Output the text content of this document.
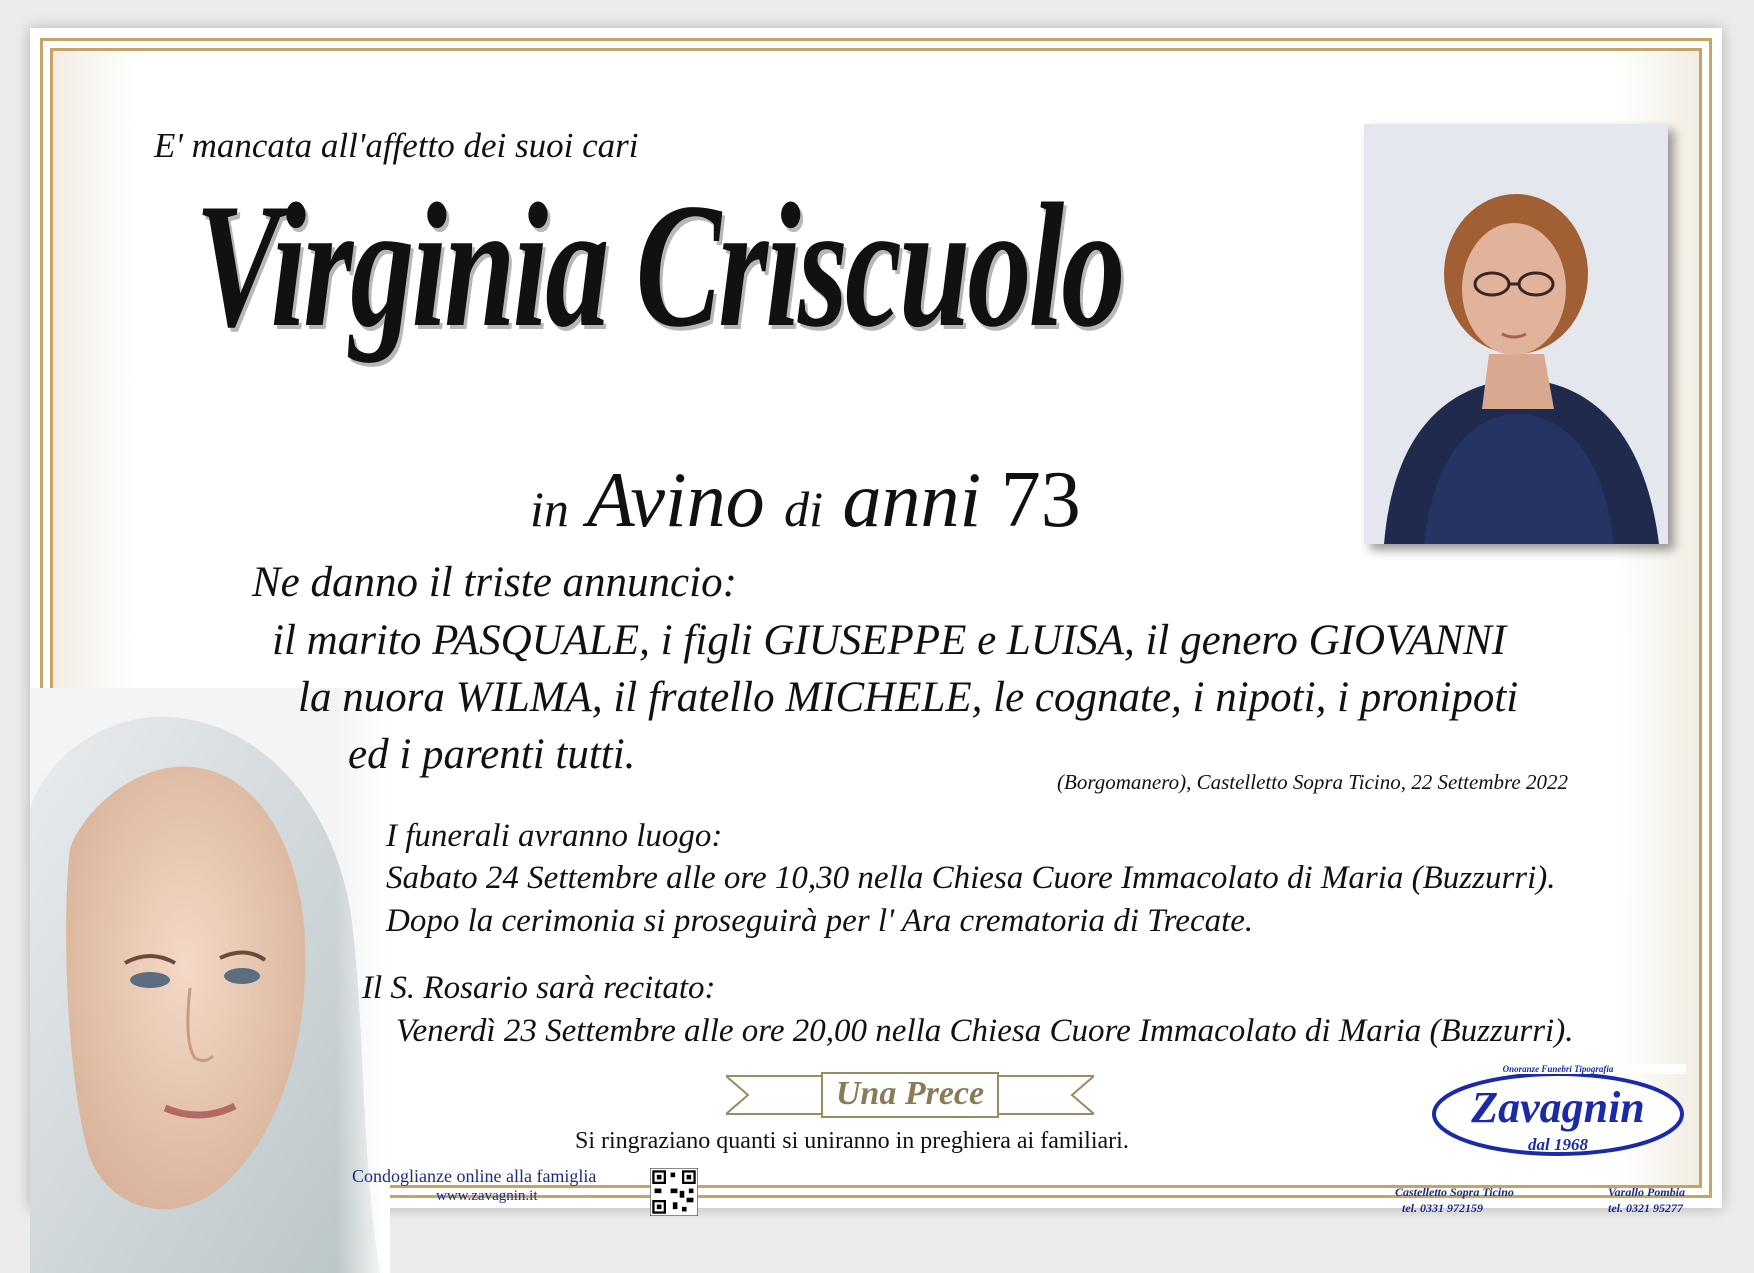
E' mancata all'affetto dei suoi cari
Virginia Criscuolo
in Avino di anni 73
Ne danno il triste annuncio:
il marito PASQUALE, i figli GIUSEPPE e LUISA, il genero GIOVANNI
la nuora WILMA, il fratello MICHELE, le cognate, i nipoti, i pronipoti
ed i parenti tutti.
(Borgomanero), Castelletto Sopra Ticino, 22 Settembre 2022
I funerali avranno luogo:
Sabato 24 Settembre alle ore 10,30 nella Chiesa Cuore Immacolato di Maria (Buzzurri).
Dopo la cerimonia si proseguirà per l' Ara crematoria di Trecate.
Il S. Rosario sarà recitato:
Venerdì 23 Settembre alle ore 20,00 nella Chiesa Cuore Immacolato di Maria (Buzzurri).
Una Prece
Si ringraziano quanti si uniranno in preghiera ai familiari.
Condoglianze online alla famiglia
www.zavagnin.it
Onoranze Funebri Tipografia
Zavagnin
dal 1968
Castelletto Sopra Ticino
tel. 0331 972159
Varallo Pombia
tel. 0321 95277
